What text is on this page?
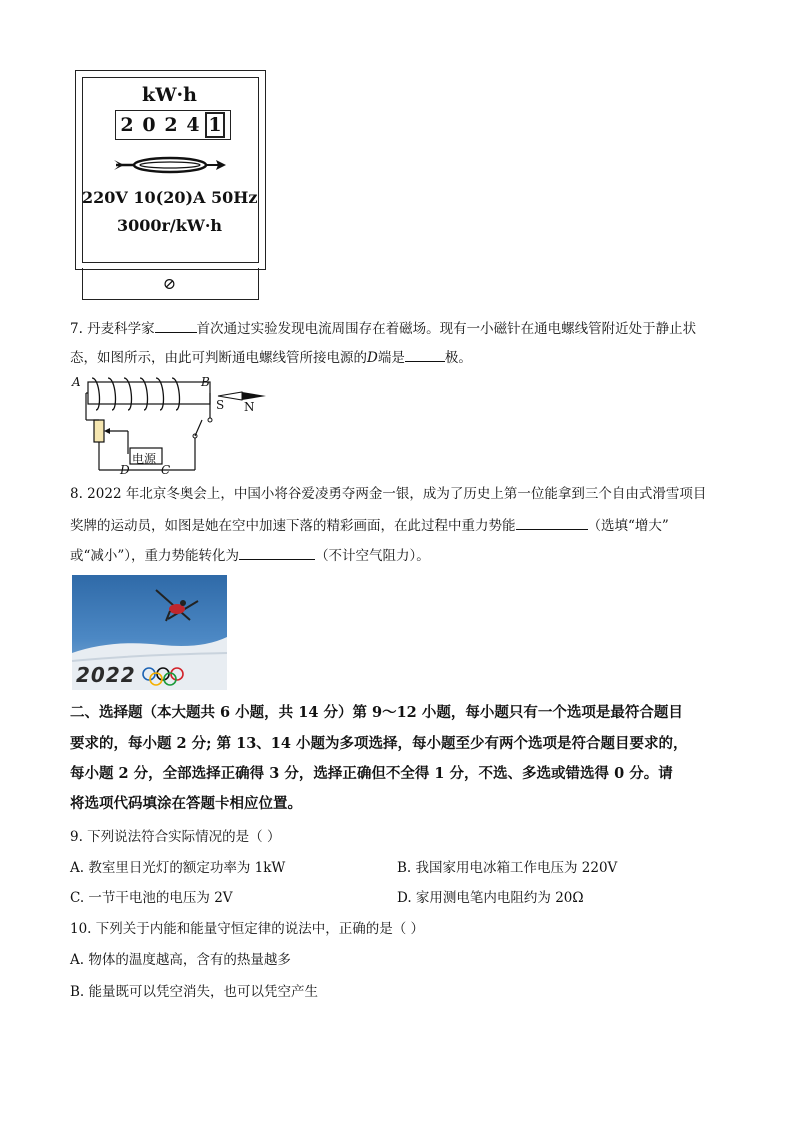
kW·h
2 0 2 4 1
220V 10(20)A 50Hz
3000r/kW·h
⊘
7. 丹麦科学家	首次通过实验发现电流周围存在着磁场。现有一小磁针在通电螺线管附近处于静止状
态，如图所示，由此可判断通电螺线管所接电源的D端是	极。
A	B
D	C
电源
S N
8. 2022 年北京冬奥会上，中国小将谷爱凌勇夺两金一银，成为了历史上第一位能拿到三个自由式滑雪项目
奖牌的运动员，如图是她在空中加速下落的精彩画面，在此过程中重力势能	（选填“增大”
或“减小”），重力势能转化为	（不计空气阻力）。
2022
二、选择题（本大题共 6 小题，共 14 分）第 9～12 小题，每小题只有一个选项是最符合题目
要求的，每小题 2 分; 第 13、14 小题为多项选择，每小题至少有两个选项是符合题目要求的，
每小题 2 分，全部选择正确得 3 分，选择正确但不全得 1 分，不选、多选或错选得 0 分。请
将选项代码填涂在答题卡相应位置。
9. 下列说法符合实际情况的是（ ）
A. 教室里日光灯的额定功率为 1kW	B. 我国家用电冰箱工作电压为 220V
C. 一节干电池的电压为 2V	D. 家用测电笔内电阻约为 20Ω
10. 下列关于内能和能量守恒定律的说法中，正确的是（ ）
A. 物体的温度越高，含有的热量越多
B. 能量既可以凭空消失，也可以凭空产生
